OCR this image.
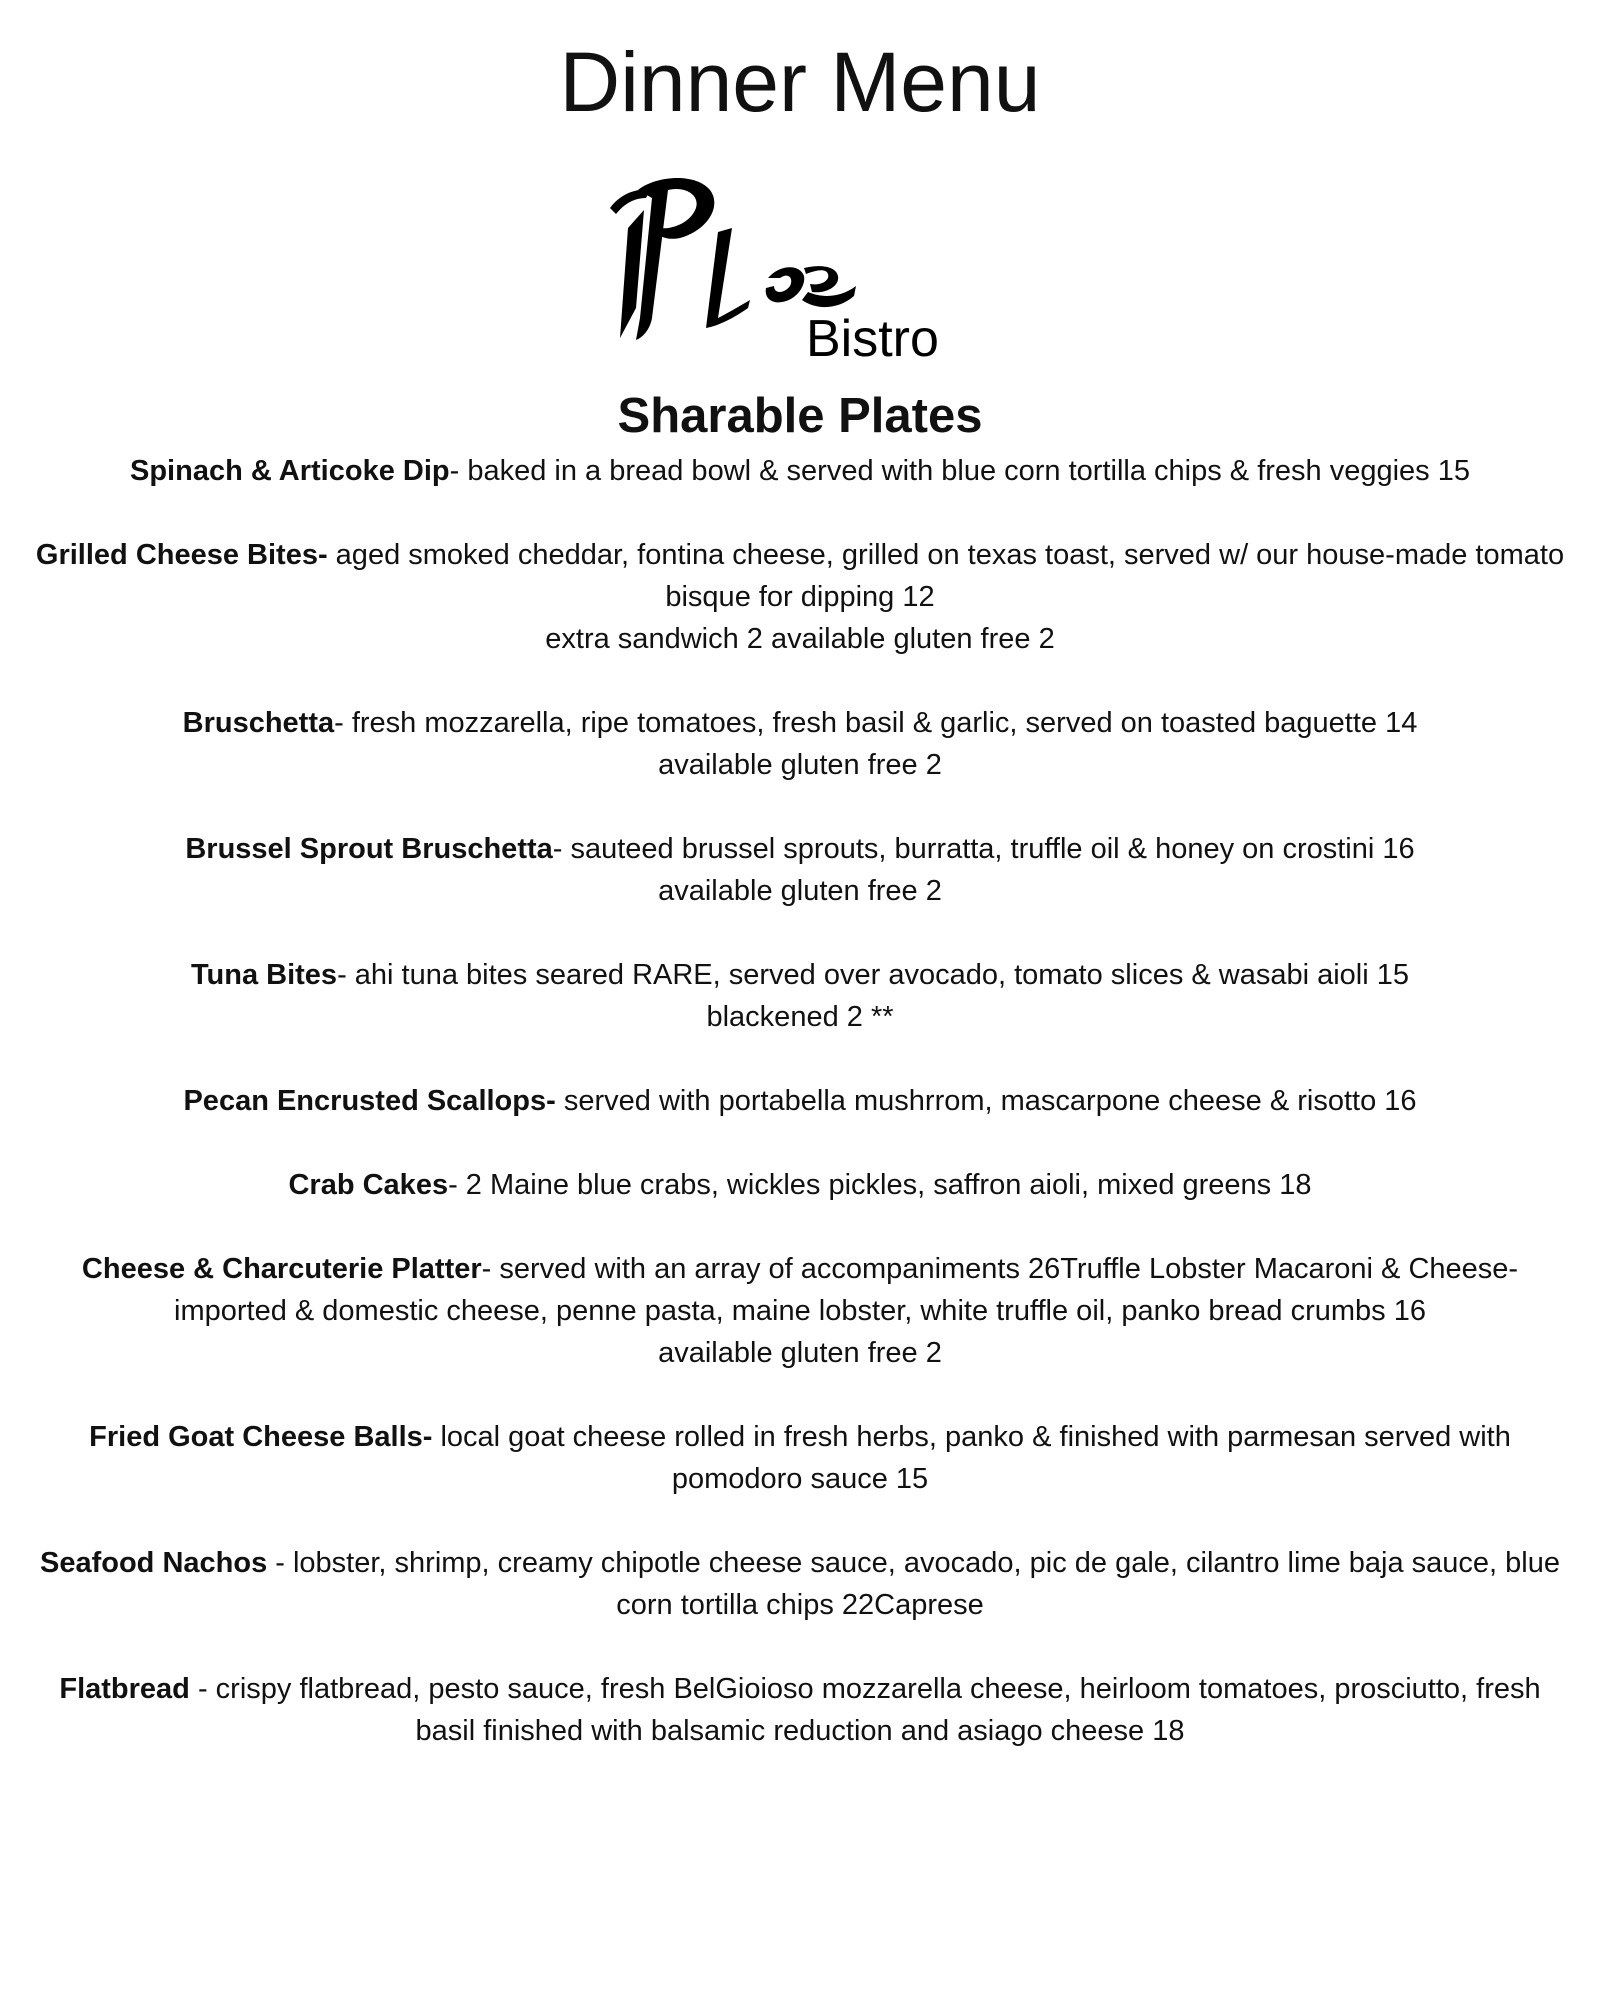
Dinner Menu
Bistro
Sharable Plates

Spinach & Articoke Dip- baked in a bread bowl & served with blue corn tortilla chips & fresh veggies 15

Grilled Cheese Bites- aged smoked cheddar, fontina cheese, grilled on texas toast, served w/ our house-made tomato bisque for dipping 12
extra sandwich 2 available gluten free 2

Bruschetta- fresh mozzarella, ripe tomatoes, fresh basil & garlic, served on toasted baguette 14
available gluten free 2

Brussel Sprout Bruschetta- sauteed brussel sprouts, burratta, truffle oil & honey on crostini 16
available gluten free 2

Tuna Bites- ahi tuna bites seared RARE, served over avocado, tomato slices & wasabi aioli 15
blackened 2 **

Pecan Encrusted Scallops- served with portabella mushrrom, mascarpone cheese & risotto 16

Crab Cakes- 2 Maine blue crabs, wickles pickles, saffron aioli, mixed greens 18

Cheese & Charcuterie Platter- served with an array of accompaniments 26Truffle Lobster Macaroni & Cheese- imported & domestic cheese, penne pasta, maine lobster, white truffle oil, panko bread crumbs 16
available gluten free 2

Fried Goat Cheese Balls- local goat cheese rolled in fresh herbs, panko & finished with parmesan served with pomodoro sauce 15

Seafood Nachos - lobster, shrimp, creamy chipotle cheese sauce, avocado, pic de gale, cilantro lime baja sauce, blue corn tortilla chips 22Caprese

Flatbread - crispy flatbread, pesto sauce, fresh BelGioioso mozzarella cheese, heirloom tomatoes, prosciutto, fresh basil finished with balsamic reduction and asiago cheese 18
